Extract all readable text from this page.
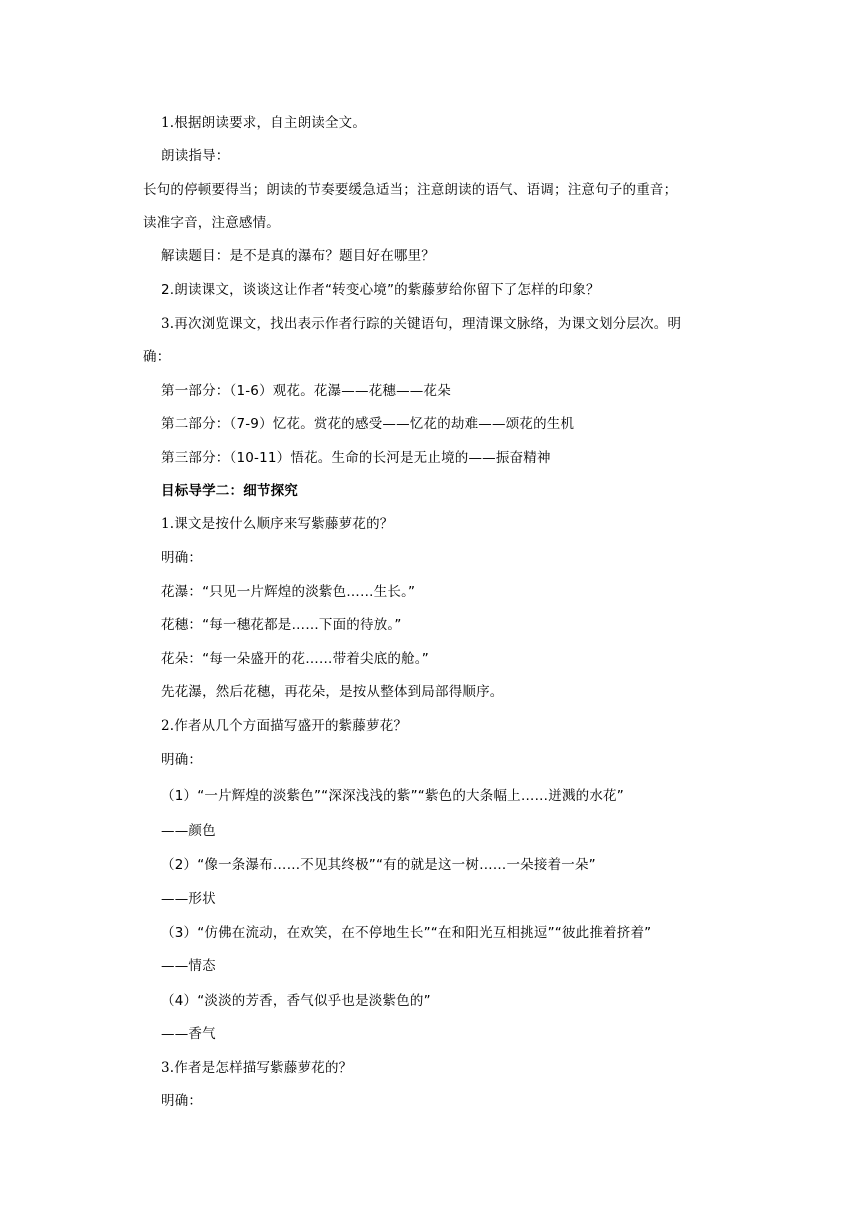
1.根据朗读要求，自主朗读全文。
朗读指导：
长句的停顿要得当；朗读的节奏要缓急适当；注意朗读的语气、语调；注意句子的重音；
读准字音，注意感情。
解读题目：是不是真的瀑布？题目好在哪里？
2.朗读课文，谈谈这让作者“转变心境”的紫藤萝给你留下了怎样的印象？
3.再次浏览课文，找出表示作者行踪的关键语句，理清课文脉络，为课文划分层次。明
确：
第一部分：（1-6）观花。花瀑——花穗——花朵
第二部分：（7-9）忆花。赏花的感受——忆花的劫难——颂花的生机
第三部分：（10-11）悟花。生命的长河是无止境的——振奋精神
目标导学二：细节探究
1.课文是按什么顺序来写紫藤萝花的？
明确：
花瀑：“只见一片辉煌的淡紫色……生长。”
花穗：“每一穗花都是……下面的待放。”
花朵：“每一朵盛开的花……带着尖底的舱。”
先花瀑，然后花穗，再花朵，是按从整体到局部得顺序。
2.作者从几个方面描写盛开的紫藤萝花？
明确：
（1）“一片辉煌的淡紫色”“深深浅浅的紫”“紫色的大条幅上……迸溅的水花”
——颜色
（2）“像一条瀑布……不见其终极”“有的就是这一树……一朵接着一朵”
——形状
（3）“仿佛在流动，在欢笑，在不停地生长”“在和阳光互相挑逗”“彼此推着挤着”
——情态
（4）“淡淡的芳香，香气似乎也是淡紫色的”
——香气
3.作者是怎样描写紫藤萝花的？
明确：
